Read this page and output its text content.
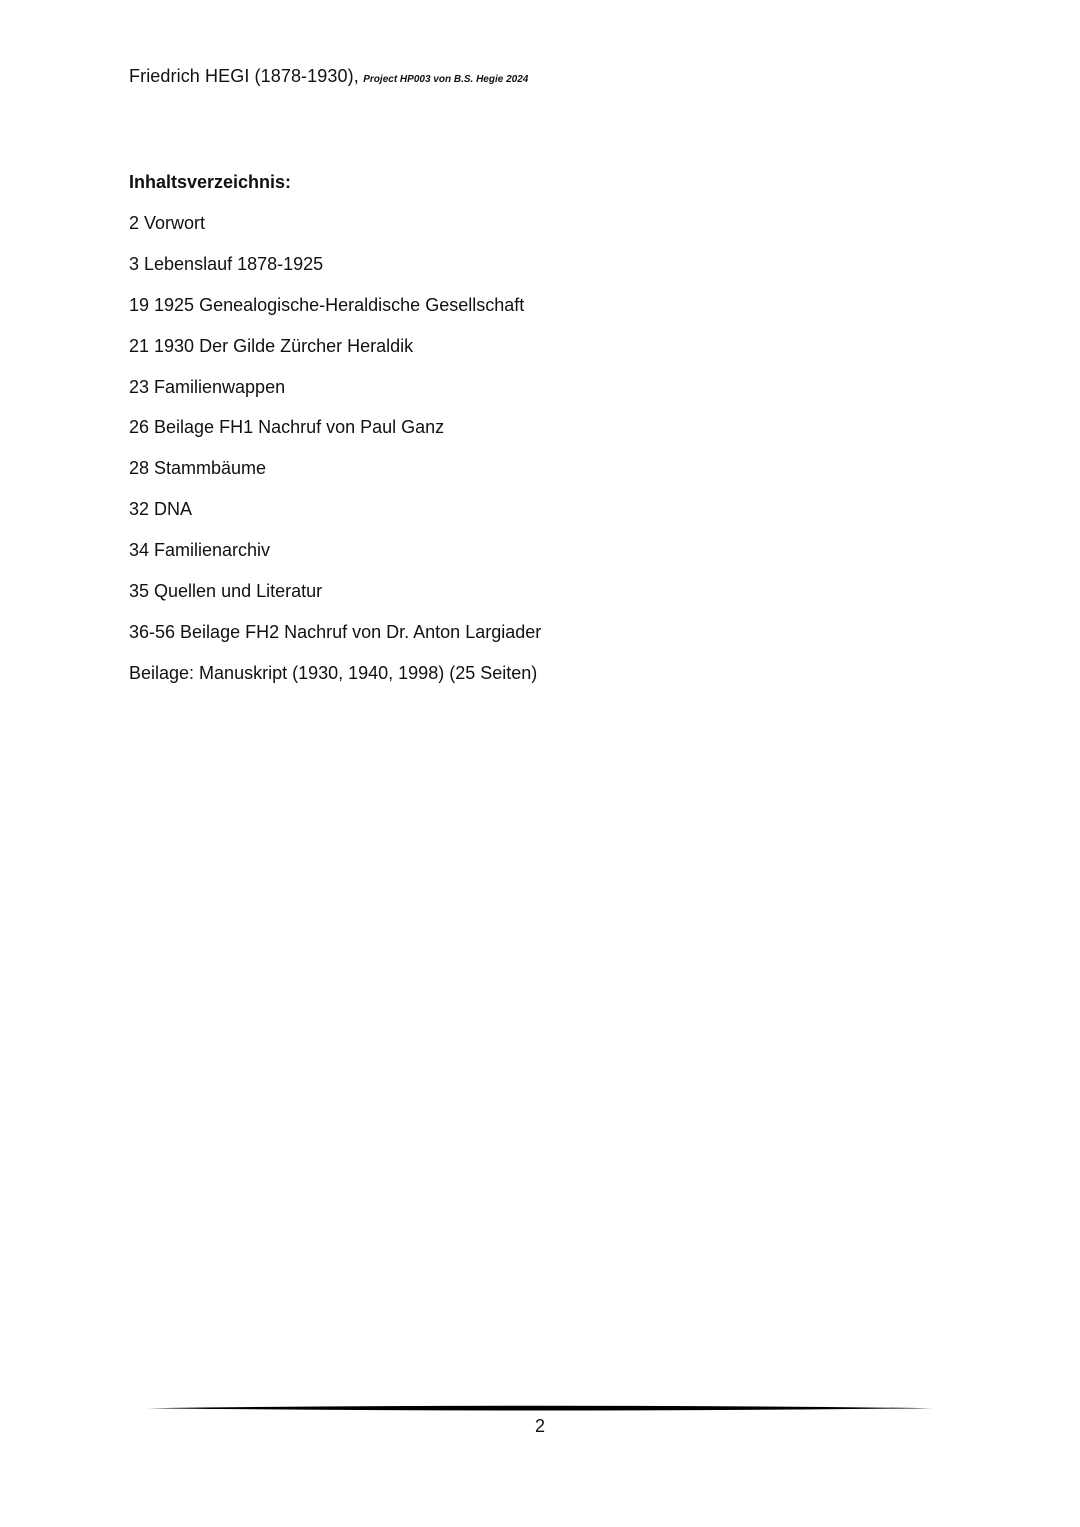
Friedrich HEGI (1878-1930), Project HP003 von B.S. Hegie 2024
Inhaltsverzeichnis:
2 Vorwort
3 Lebenslauf 1878-1925
19 1925 Genealogische-Heraldische Gesellschaft
21 1930 Der Gilde Zürcher Heraldik
23 Familienwappen
26 Beilage FH1 Nachruf von Paul Ganz
28 Stammbäume
32 DNA
34 Familienarchiv
35 Quellen und Literatur
36-56 Beilage FH2 Nachruf von Dr. Anton Largiader
Beilage: Manuskript (1930, 1940, 1998) (25 Seiten)
2
